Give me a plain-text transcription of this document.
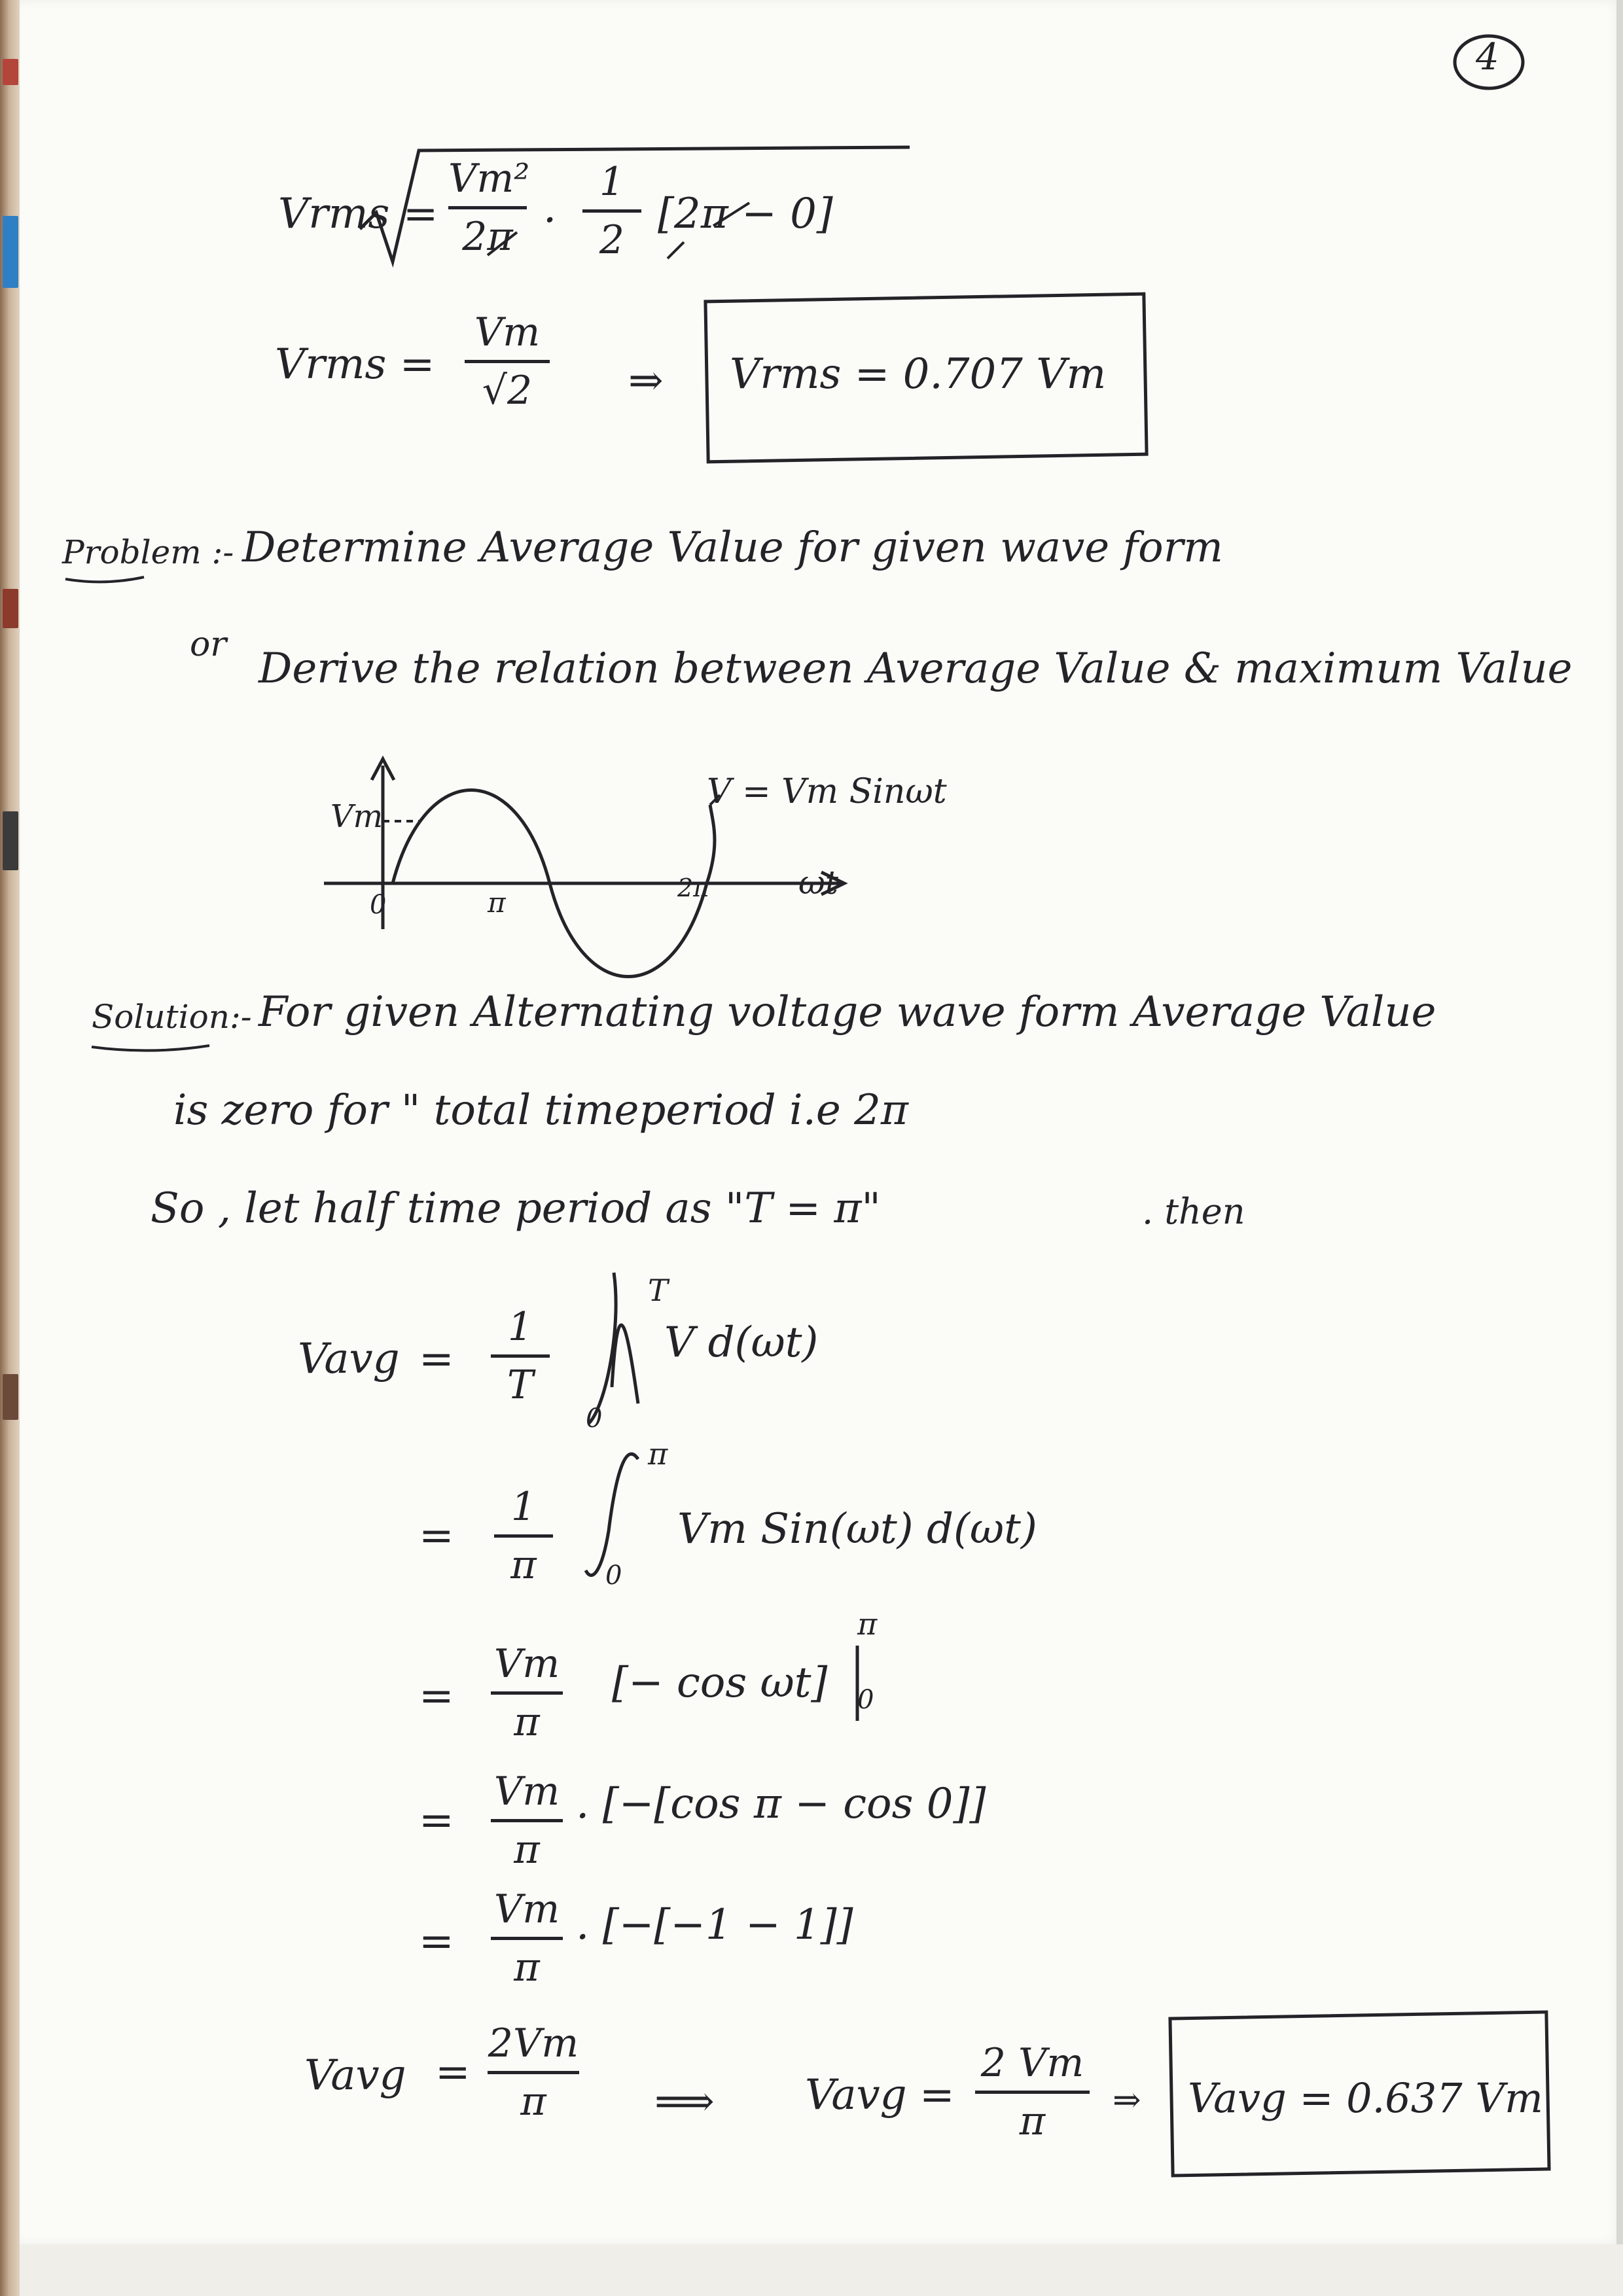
4
Vrms =
Vm²
2π ·
1
2
[2π − 0]
Vrms =
Vm
√2	⇒ Vrms = 0.707 Vm
Problem :- Determine Average Value for given wave form
or Derive the relation between Average Value & maximum Value
Vm
0	π	2π	ωt
V = Vm Sinωt
Solution:- For given Alternating voltage wave form Average Value
is zero for " total timeperiod i.e 2π
So , let half time period as "T = π"	. then
Vavg =
1
T
T
0
V d(ωt)
=
1
π
π
0
Vm Sin(ωt) d(ωt)
=
Vm
π
[− cos ωt]
π
0
=
Vm
π
. [−[cos π − cos 0]]
=
Vm
π
. [−[−1 − 1]]
Vavg =
2Vm
π	⟹ Vavg =
2 Vm
π	⇒ Vavg = 0.637 Vm
